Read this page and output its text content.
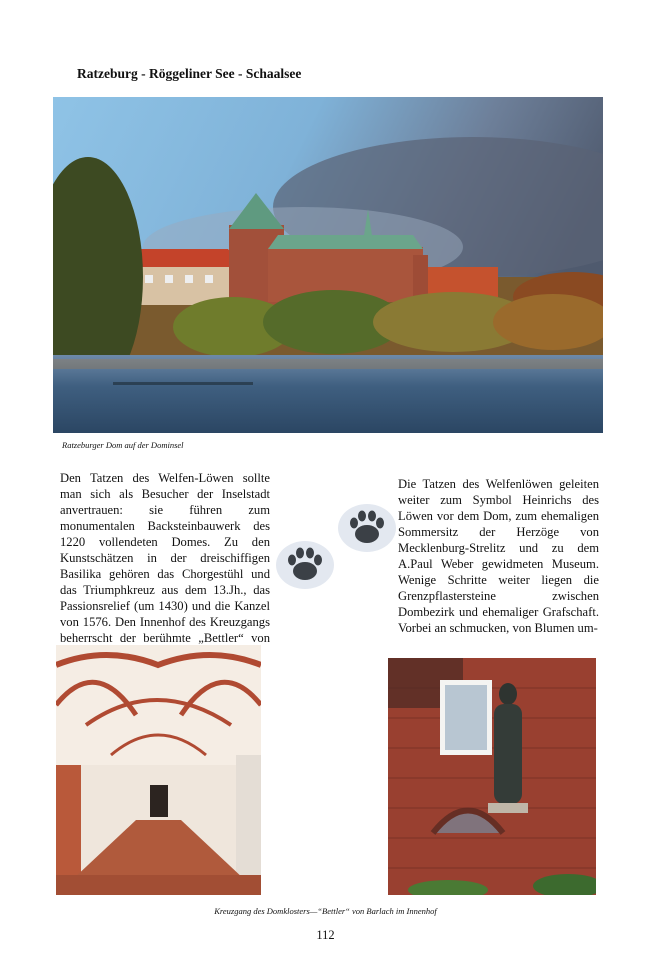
Ratzeburg - Röggeliner See - Schaalsee
Ratzeburger Dom auf der Dominsel

Den Tatzen des Welfen-Löwen sollte man sich als Besucher der Inselstadt anvertrauen: sie führen zum monumentalen Backsteinbauwerk des 1220 vollendeten Domes. Zu den Kunstschätzen in der dreischiffigen Basilika gehören das Chorgestühl und das Triumphkreuz aus dem 13.Jh., das Passionsrelief (um 1430) und die Kanzel von 1576. Den Innenhof des Kreuzgangs beherrscht der berühmte „Bettler“ von

Die Tatzen des Welfenlöwen geleiten weiter zum Symbol Heinrichs des Löwen vor dem Dom, zum ehemaligen Sommersitz der Herzöge von Mecklenburg-Strelitz und zu dem A.Paul Weber gewidmeten Museum. Wenige Schritte weiter liegen die Grenzpflastersteine zwischen Dombezirk und ehemaliger Grafschaft. Vorbei an schmucken, von Blumen um-

Kreuzgang des Domklosters—“Bettler“ von Barlach im Innenhof
112
